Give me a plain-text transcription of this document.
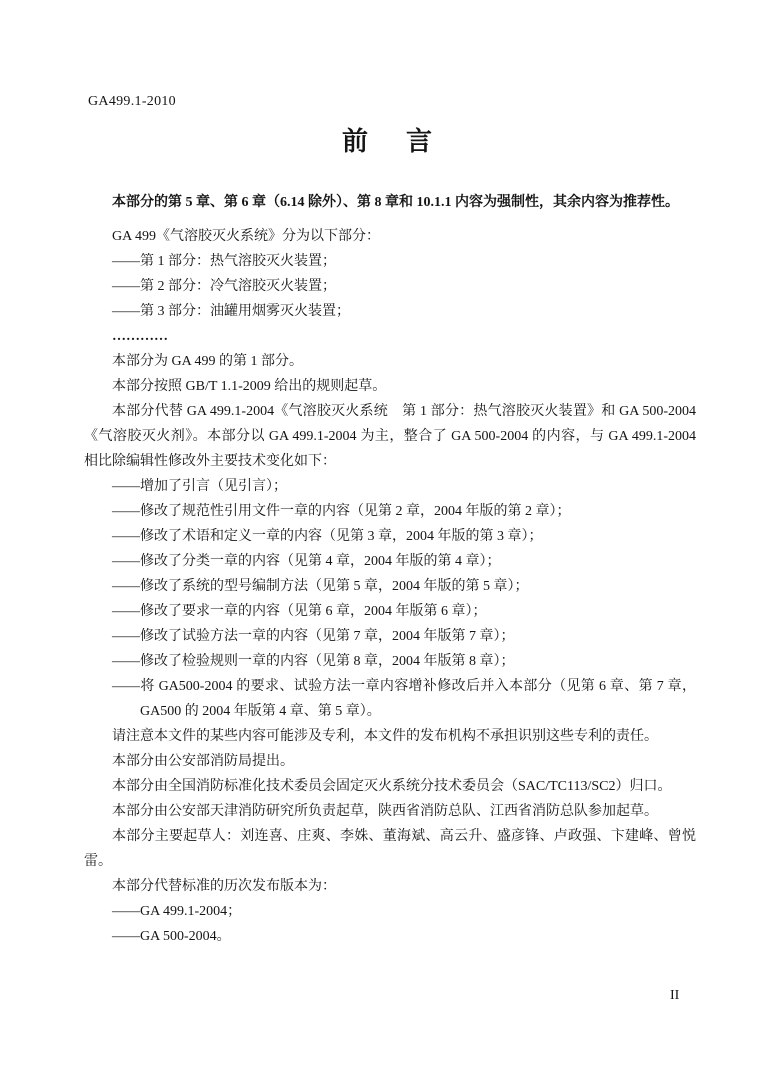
GA499.1-2010
前　言

本部分的第 5 章、第 6 章（6.14 除外）、第 8 章和 10.1.1 内容为强制性，其余内容为推荐性。

GA 499《气溶胶灭火系统》分为以下部分：

——第 1 部分：热气溶胶灭火装置；

——第 2 部分：冷气溶胶灭火装置；

——第 3 部分：油罐用烟雾灭火装置；

…………

本部分为 GA 499 的第 1 部分。

本部分按照 GB/T 1.1-2009 给出的规则起草。

本部分代替 GA 499.1-2004《气溶胶灭火系统　第 1 部分：热气溶胶灭火装置》和 GA 500-2004《气溶胶灭火剂》。本部分以 GA 499.1-2004 为主，整合了 GA 500-2004 的内容，与 GA 499.1-2004 相比除编辑性修改外主要技术变化如下：

——增加了引言（见引言）；

——修改了规范性引用文件一章的内容（见第 2 章，2004 年版的第 2 章）；

——修改了术语和定义一章的内容（见第 3 章，2004 年版的第 3 章）；

——修改了分类一章的内容（见第 4 章，2004 年版的第 4 章）；

——修改了系统的型号编制方法（见第 5 章，2004 年版的第 5 章）；

——修改了要求一章的内容（见第 6 章，2004 年版第 6 章）；

——修改了试验方法一章的内容（见第 7 章，2004 年版第 7 章）；

——修改了检验规则一章的内容（见第 8 章，2004 年版第 8 章）；

——将 GA500-2004 的要求、试验方法一章内容增补修改后并入本部分（见第 6 章、第 7 章，GA500 的 2004 年版第 4 章、第 5 章）。

请注意本文件的某些内容可能涉及专利，本文件的发布机构不承担识别这些专利的责任。

本部分由公安部消防局提出。

本部分由全国消防标准化技术委员会固定灭火系统分技术委员会（SAC/TC113/SC2）归口。

本部分由公安部天津消防研究所负责起草，陕西省消防总队、江西省消防总队参加起草。

本部分主要起草人：刘连喜、庄爽、李姝、董海斌、高云升、盛彦锋、卢政强、卞建峰、曾悦雷。

本部分代替标准的历次发布版本为：

——GA 499.1-2004；

——GA 500-2004。

II
